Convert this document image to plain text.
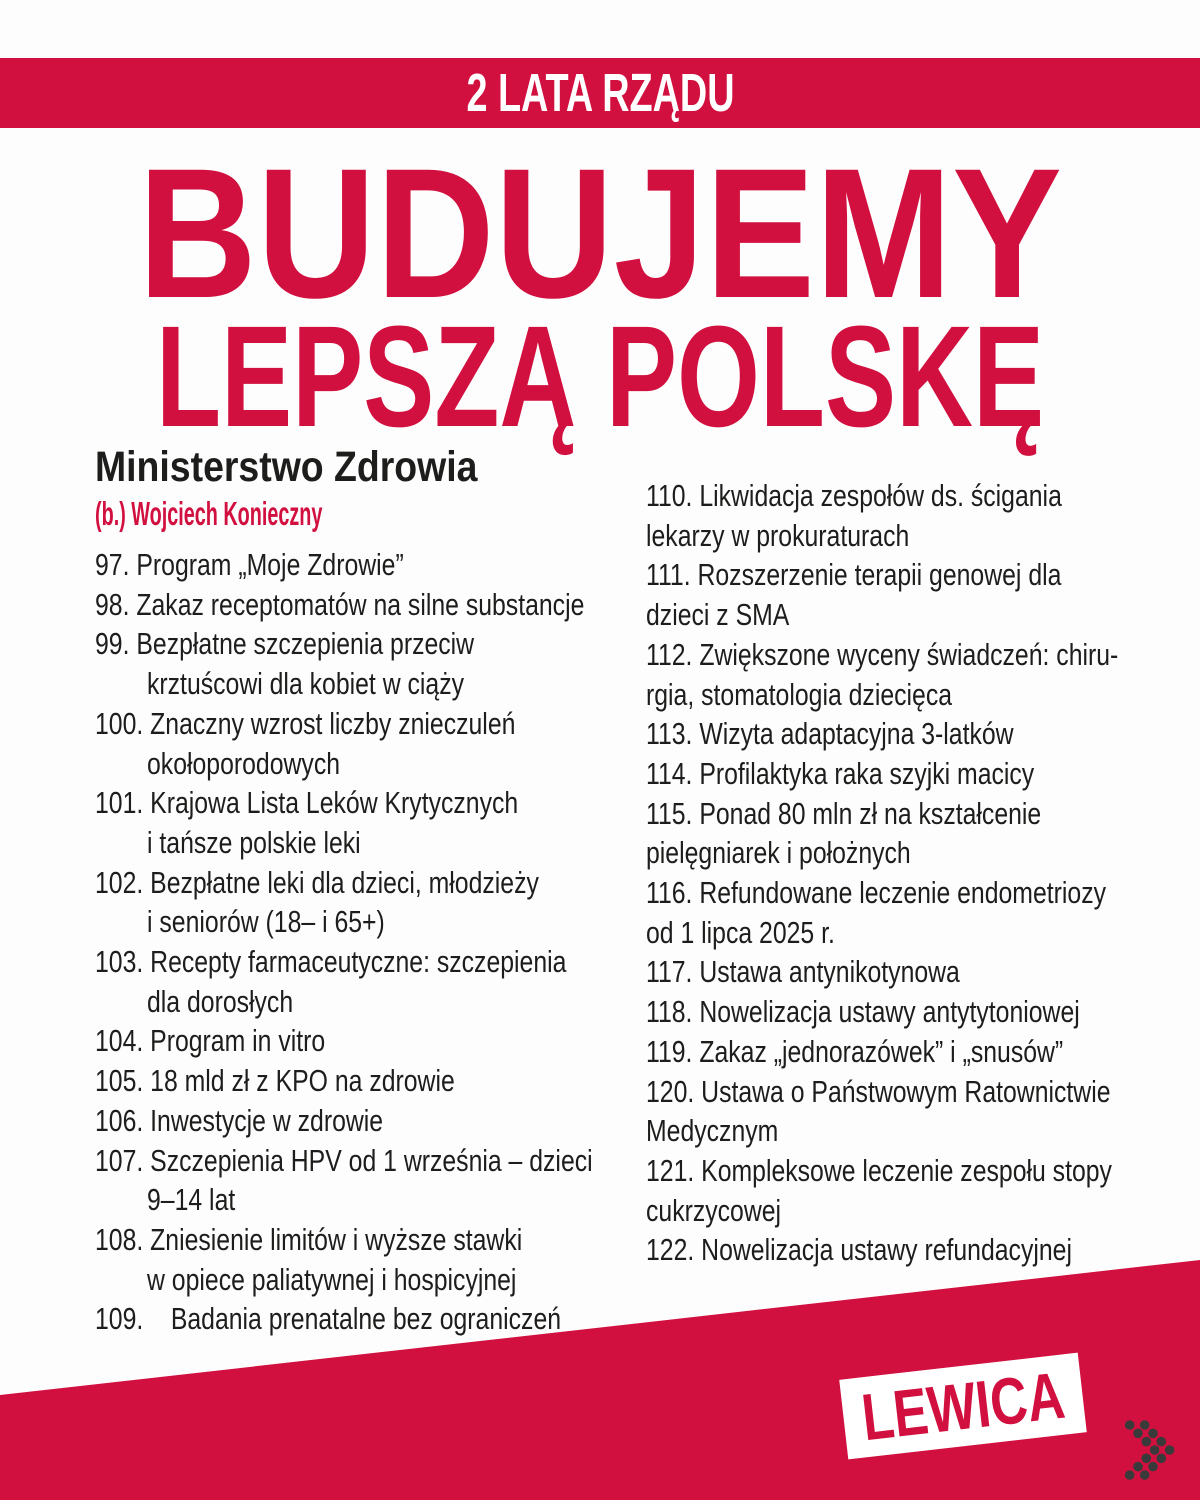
2 LATA RZĄDU
BUDUJEMY
LEPSZĄ POLSKĘ
Ministerstwo Zdrowia
(b.) Wojciech Konieczny
97. Program „Moje Zdrowie”
98. Zakaz receptomatów na silne substancje
99. Bezpłatne szczepienia przeciw
krztuścowi dla kobiet w ciąży
100. Znaczny wzrost liczby znieczuleń
okołoporodowych
101. Krajowa Lista Leków Krytycznych
i tańsze polskie leki
102. Bezpłatne leki dla dzieci, młodzieży
i seniorów (18– i 65+)
103. Recepty farmaceutyczne: szczepienia
dla dorosłych
104. Program in vitro
105. 18 mld zł z KPO na zdrowie
106. Inwestycje w zdrowie
107. Szczepienia HPV od 1 września – dzieci
9–14 lat
108. Zniesienie limitów i wyższe stawki
w opiece paliatywnej i hospicyjnej
109.    Badania prenatalne bez ograniczeń
110. Likwidacja zespołów ds. ścigania
lekarzy w prokuraturach
111. Rozszerzenie terapii genowej dla
dzieci z SMA
112. Zwiększone wyceny świadczeń: chiru-
rgia, stomatologia dziecięca
113. Wizyta adaptacyjna 3-latków
114. Profilaktyka raka szyjki macicy
115. Ponad 80 mln zł na kształcenie
pielęgniarek i położnych
116. Refundowane leczenie endometriozy
od 1 lipca 2025 r.
117. Ustawa antynikotynowa
118. Nowelizacja ustawy antytytoniowej
119. Zakaz „jednorazówek” i „snusów”
120. Ustawa o Państwowym Ratownictwie
Medycznym
121. Kompleksowe leczenie zespołu stopy
cukrzycowej
122. Nowelizacja ustawy refundacyjnej
LEWICA
